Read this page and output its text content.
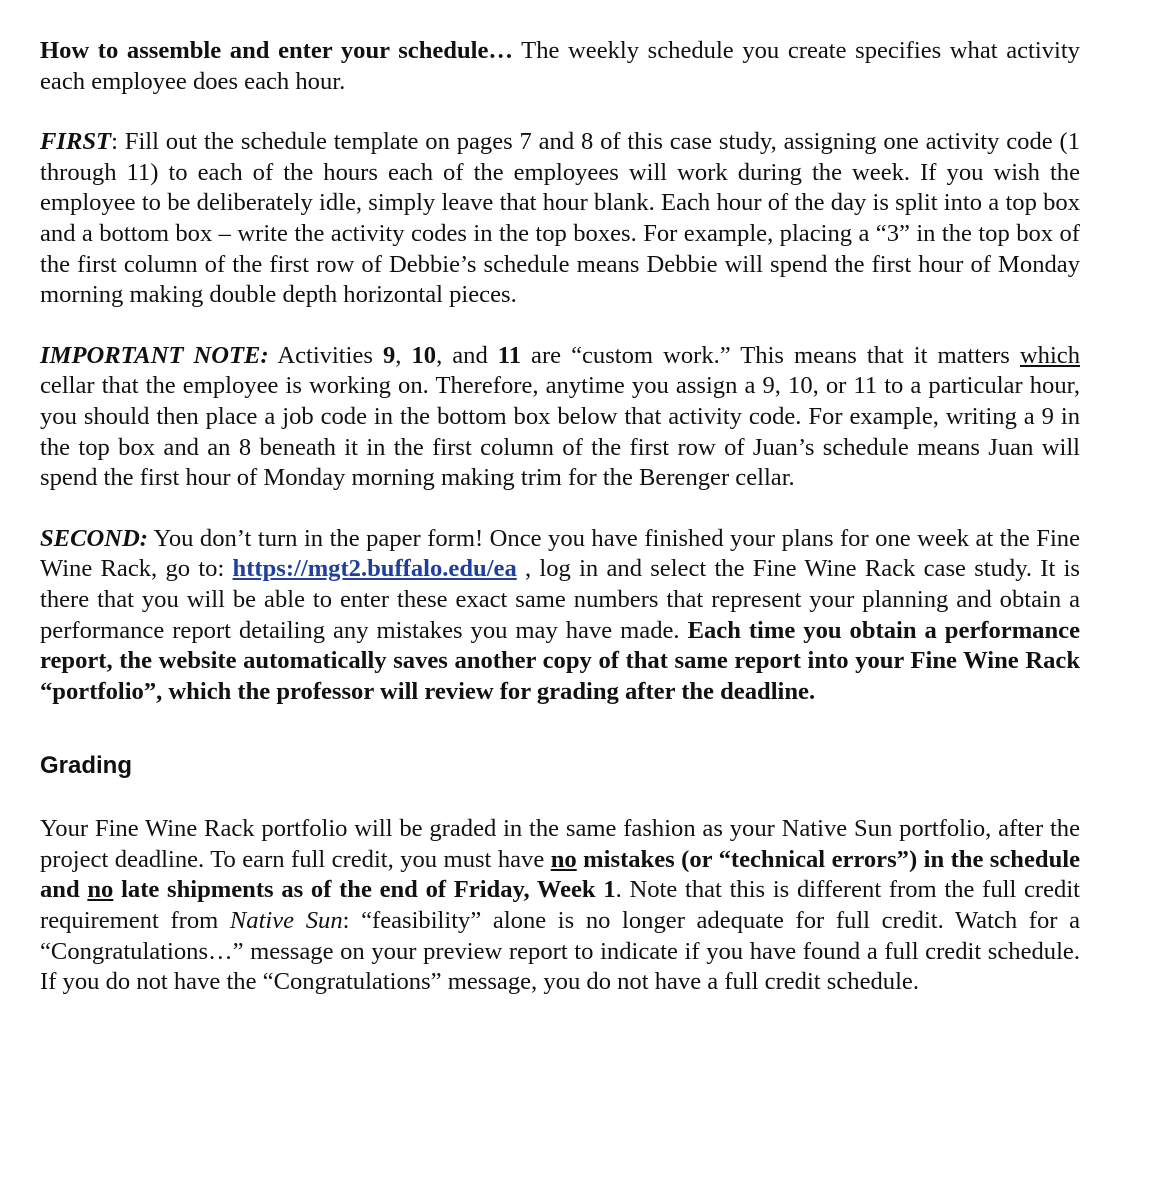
How to assemble and enter your schedule… The weekly schedule you create specifies what activity each employee does each hour.

FIRST: Fill out the schedule template on pages 7 and 8 of this case study, assigning one activity code (1 through 11) to each of the hours each of the employees will work during the week. If you wish the employee to be deliberately idle, simply leave that hour blank. Each hour of the day is split into a top box and a bottom box – write the activity codes in the top boxes. For example, placing a “3” in the top box of the first column of the first row of Debbie’s schedule means Debbie will spend the first hour of Monday morning making double depth horizontal pieces.

IMPORTANT NOTE: Activities 9, 10, and 11 are “custom work.” This means that it matters which cellar that the employee is working on. Therefore, anytime you assign a 9, 10, or 11 to a particular hour, you should then place a job code in the bottom box below that activity code. For example, writing a 9 in the top box and an 8 beneath it in the first column of the first row of Juan’s schedule means Juan will spend the first hour of Monday morning making trim for the Berenger cellar.

SECOND: You don’t turn in the paper form! Once you have finished your plans for one week at the Fine Wine Rack, go to: https://mgt2.buffalo.edu/ea , log in and select the Fine Wine Rack case study. It is there that you will be able to enter these exact same numbers that represent your planning and obtain a performance report detailing any mistakes you may have made. Each time you obtain a performance report, the website automatically saves another copy of that same report into your Fine Wine Rack “portfolio”, which the professor will review for grading after the deadline.

Grading

Your Fine Wine Rack portfolio will be graded in the same fashion as your Native Sun portfolio, after the project deadline. To earn full credit, you must have no mistakes (or “technical errors”) in the schedule and no late shipments as of the end of Friday, Week 1. Note that this is different from the full credit requirement from Native Sun: “feasibility” alone is no longer adequate for full credit. Watch for a “Congratulations…” message on your preview report to indicate if you have found a full credit schedule. If you do not have the “Congratulations” message, you do not have a full credit schedule.
